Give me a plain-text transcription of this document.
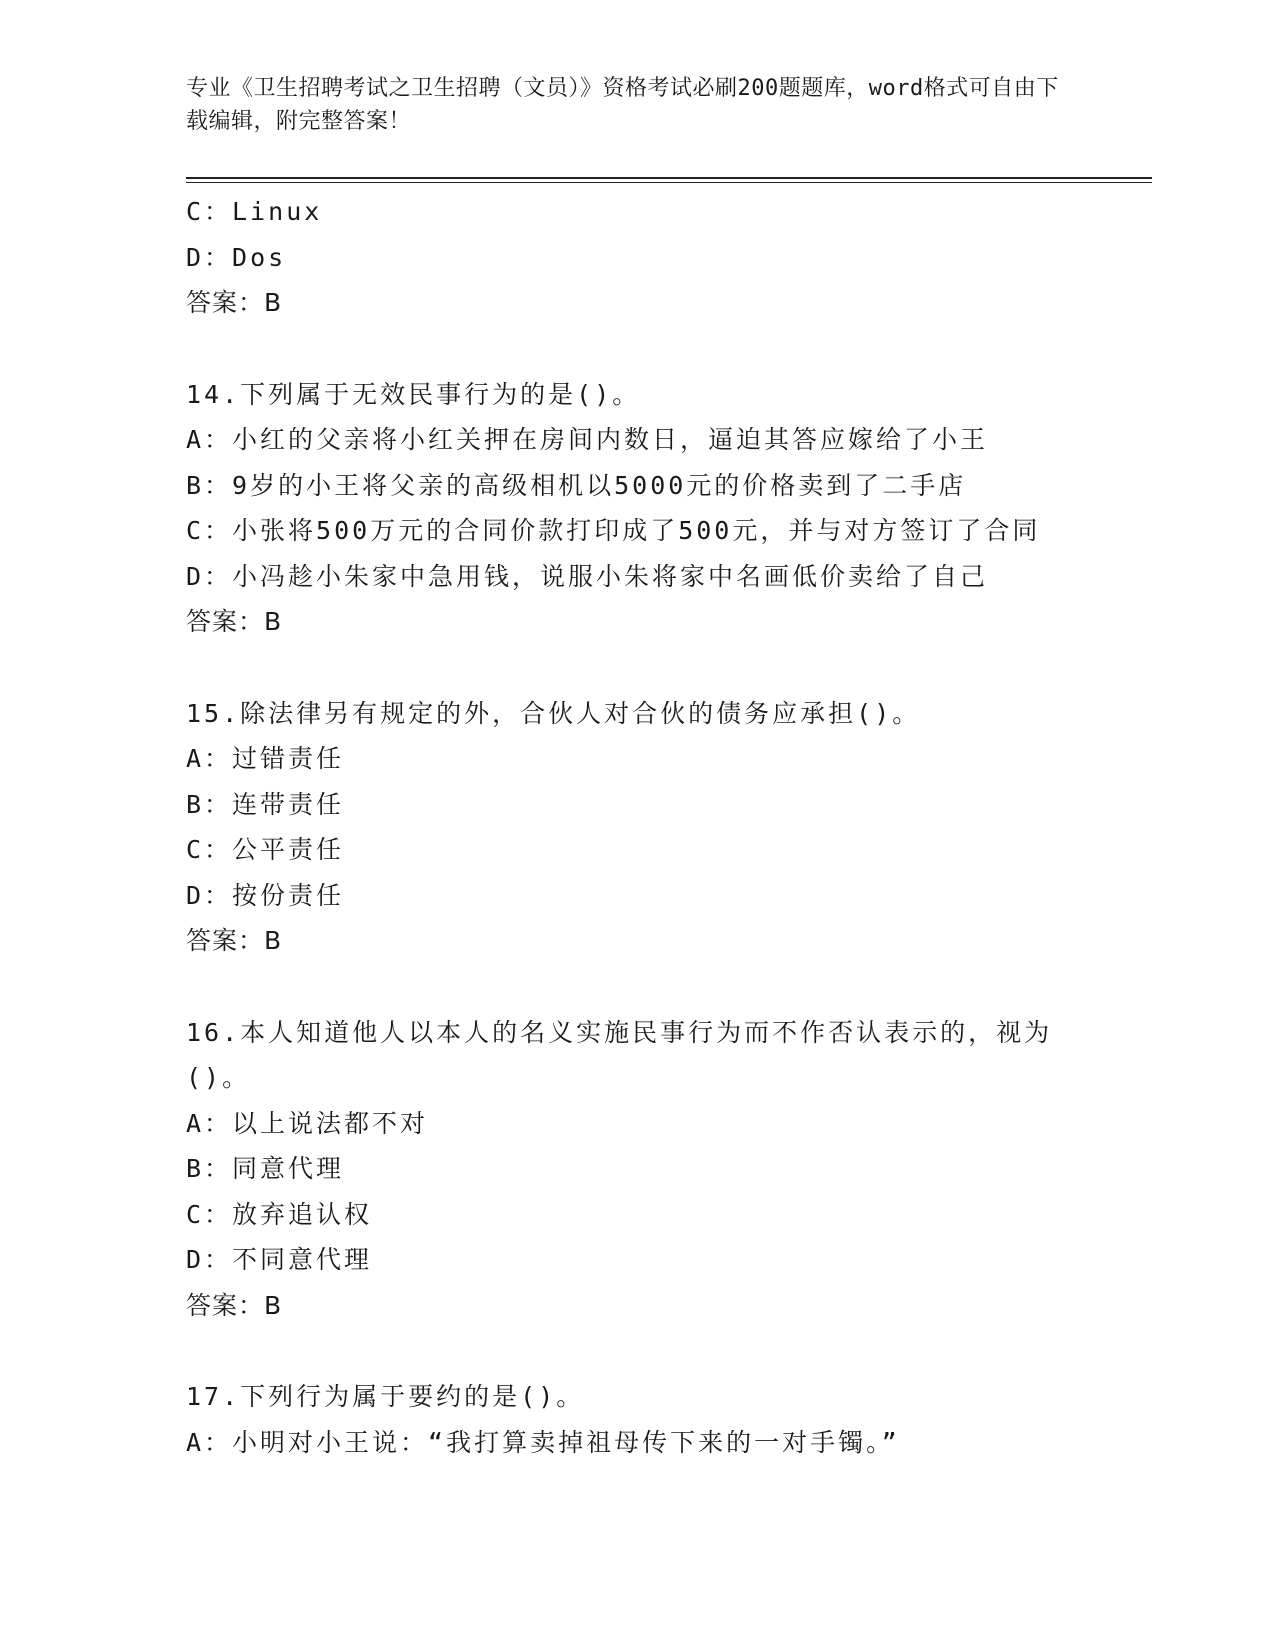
专业《卫生招聘考试之卫生招聘（文员）》资格考试必刷200题题库，word格式可自由下载编辑，附完整答案！
C：Linux
D：Dos
答案：B
14.下列属于无效民事行为的是()。
A：小红的父亲将小红关押在房间内数日，逼迫其答应嫁给了小王
B：9岁的小王将父亲的高级相机以5000元的价格卖到了二手店
C：小张将500万元的合同价款打印成了500元，并与对方签订了合同
D：小冯趁小朱家中急用钱，说服小朱将家中名画低价卖给了自己
答案：B
15.除法律另有规定的外，合伙人对合伙的债务应承担()。
A：过错责任
B：连带责任
C：公平责任
D：按份责任
答案：B
16.本人知道他人以本人的名义实施民事行为而不作否认表示的，视为()。
A：以上说法都不对
B：同意代理
C：放弃追认权
D：不同意代理
答案：B
17.下列行为属于要约的是()。
A：小明对小王说：“我打算卖掉祖母传下来的一对手镯。”
